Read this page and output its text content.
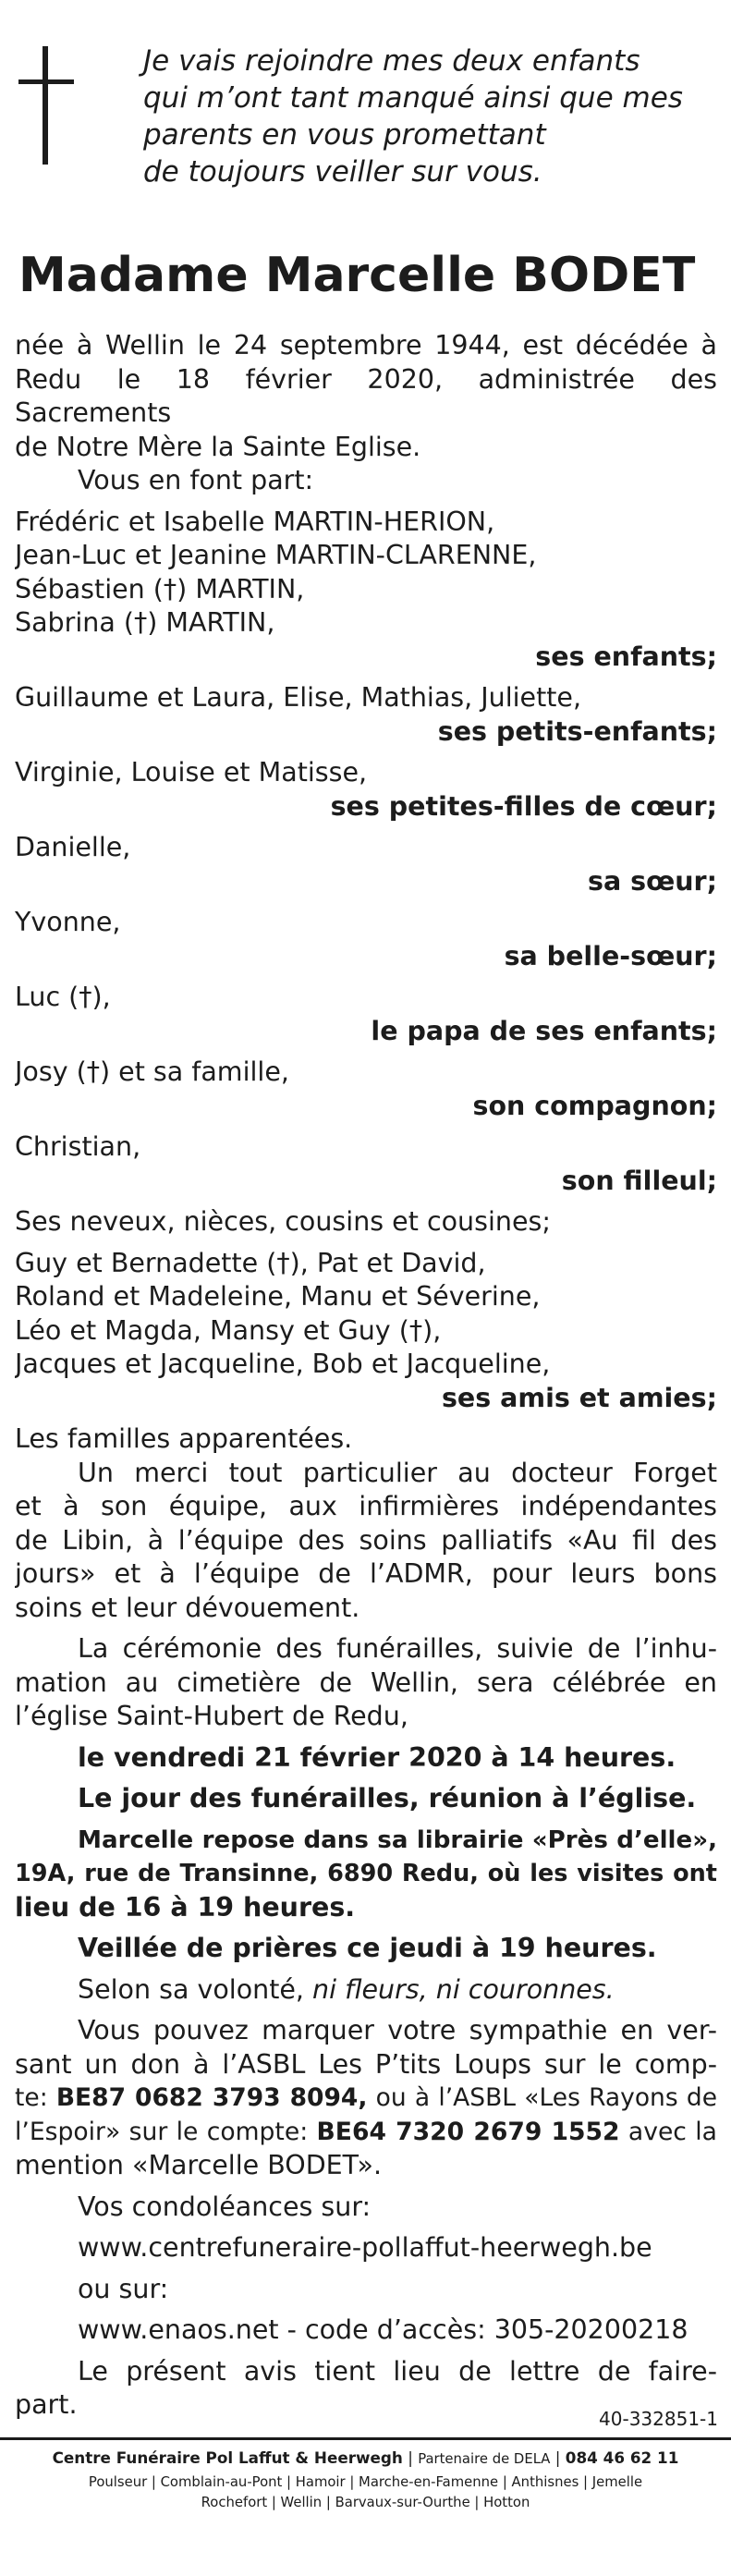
Je vais rejoindre mes deux enfants
qui m’ont tant manqué ainsi que mes
parents en vous promettant
de toujours veiller sur vous.
Madame Marcelle BODET
née à Wellin le 24 septembre 1944, est décédée à
Redu le 18 février 2020, administrée des Sacrements
de Notre Mère la Sainte Eglise.
Vous en font part:
Frédéric et Isabelle MARTIN-HERION,
Jean-Luc et Jeanine MARTIN-CLARENNE,
Sébastien (†) MARTIN,
Sabrina (†) MARTIN,
ses enfants;
Guillaume et Laura, Elise, Mathias, Juliette,
ses petits-enfants;
Virginie, Louise et Matisse,
ses petites-filles de cœur;
Danielle,
sa sœur;
Yvonne,
sa belle-sœur;
Luc (†),
le papa de ses enfants;
Josy (†) et sa famille,
son compagnon;
Christian,
son filleul;
Ses neveux, nièces, cousins et cousines;
Guy et Bernadette (†), Pat et David,
Roland et Madeleine, Manu et Séverine,
Léo et Magda, Mansy et Guy (†),
Jacques et Jacqueline, Bob et Jacqueline,
ses amis et amies;
Les familles apparentées.
Un merci tout particulier au docteur Forget
et à son équipe, aux infirmières indépendantes
de Libin, à l’équipe des soins palliatifs «Au fil des
jours» et à l’équipe de l’ADMR, pour leurs bons
soins et leur dévouement.
La cérémonie des funérailles, suivie de l’inhu-
mation au cimetière de Wellin, sera célébrée en
l’église Saint-Hubert de Redu,
le vendredi 21 février 2020 à 14 heures.
Le jour des funérailles, réunion à l’église.
Marcelle repose dans sa librairie «Près d’elle»,
19A, rue de Transinne, 6890 Redu, où les visites ont
lieu de 16 à 19 heures.
Veillée de prières ce jeudi à 19 heures.
Selon sa volonté, ni fleurs, ni couronnes.
Vous pouvez marquer votre sympathie en ver-
sant un don à l’ASBL Les P’tits Loups sur le comp-
te: BE87 0682 3793 8094, ou à l’ASBL «Les Rayons de
l’Espoir» sur le compte: BE64 7320 2679 1552 avec la
mention «Marcelle BODET».
Vos condoléances sur:
www.centrefuneraire-pollaffut-heerwegh.be
ou sur:
www.enaos.net - code d’accès: 305-20200218
Le présent avis tient lieu de lettre de faire-
part.	40-332851-1
Centre Funéraire Pol Laffut & Heerwegh | Partenaire de DELA | 084 46 62 11
Poulseur | Comblain-au-Pont | Hamoir | Marche-en-Famenne | Anthisnes | Jemelle
Rochefort | Wellin | Barvaux-sur-Ourthe | Hotton
